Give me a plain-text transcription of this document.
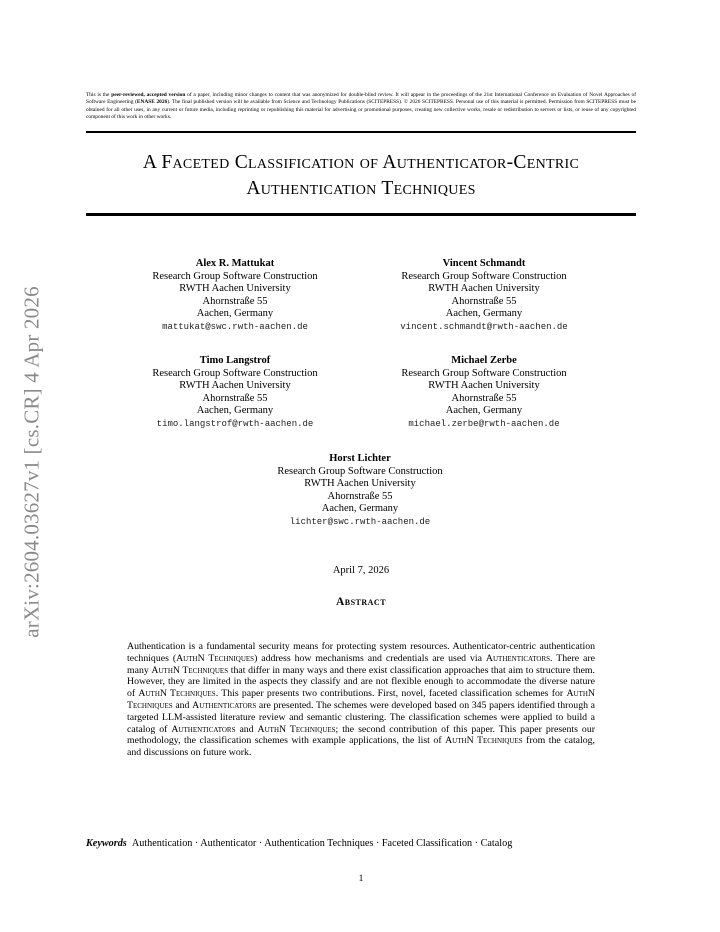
arXiv:2604.03627v1 [cs.CR] 4 Apr 2026
This is the peer-reviewed, accepted version of a paper, including minor changes to content that was anonymized for double-blind review. It will appear in the proceedings of the 21st International Conference on Evaluation of Novel Approaches of Software Engineering (ENASE 2026). The final published version will be available from Science and Technology Publications (SCITEPRESS). © 2026 SCITEPRESS. Personal use of this material is permitted. Permission from SCITEPRESS must be obtained for all other uses, in any current or future media, including reprinting or republishing this material for advertising or promotional purposes, creating new collective works, resale or redistribution to servers or lists, or reuse of any copyrighted component of this work in other works.
A Faceted Classification of Authenticator-Centric
Authentication Techniques
Alex R. Mattukat
Research Group Software Construction
RWTH Aachen University
Ahornstraße 55
Aachen, Germany
mattukat@swc.rwth-aachen.de
Vincent Schmandt
Research Group Software Construction
RWTH Aachen University
Ahornstraße 55
Aachen, Germany
vincent.schmandt@rwth-aachen.de
Timo Langstrof
Research Group Software Construction
RWTH Aachen University
Ahornstraße 55
Aachen, Germany
timo.langstrof@rwth-aachen.de
Michael Zerbe
Research Group Software Construction
RWTH Aachen University
Ahornstraße 55
Aachen, Germany
michael.zerbe@rwth-aachen.de
Horst Lichter
Research Group Software Construction
RWTH Aachen University
Ahornstraße 55
Aachen, Germany
lichter@swc.rwth-aachen.de
April 7, 2026
Abstract
Authentication is a fundamental security means for protecting system resources. Authenticator-centric authentication techniques (AuthN Techniques) address how mechanisms and credentials are used via Authenticators. There are many AuthN Techniques that differ in many ways and there exist classification approaches that aim to structure them. However, they are limited in the aspects they classify and are not flexible enough to accommodate the diverse nature of AuthN Techniques. This paper presents two contributions. First, novel, faceted classification schemes for AuthN Techniques and Authenticators are presented. The schemes were developed based on 345 papers identified through a targeted LLM-assisted literature review and semantic clustering. The classification schemes were applied to build a catalog of Authenticators and AuthN Techniques; the second contribution of this paper. This paper presents our methodology, the classification schemes with example applications, the list of AuthN Techniques from the catalog, and discussions on future work.
Keywords Authentication · Authenticator · Authentication Techniques · Faceted Classification · Catalog
1
